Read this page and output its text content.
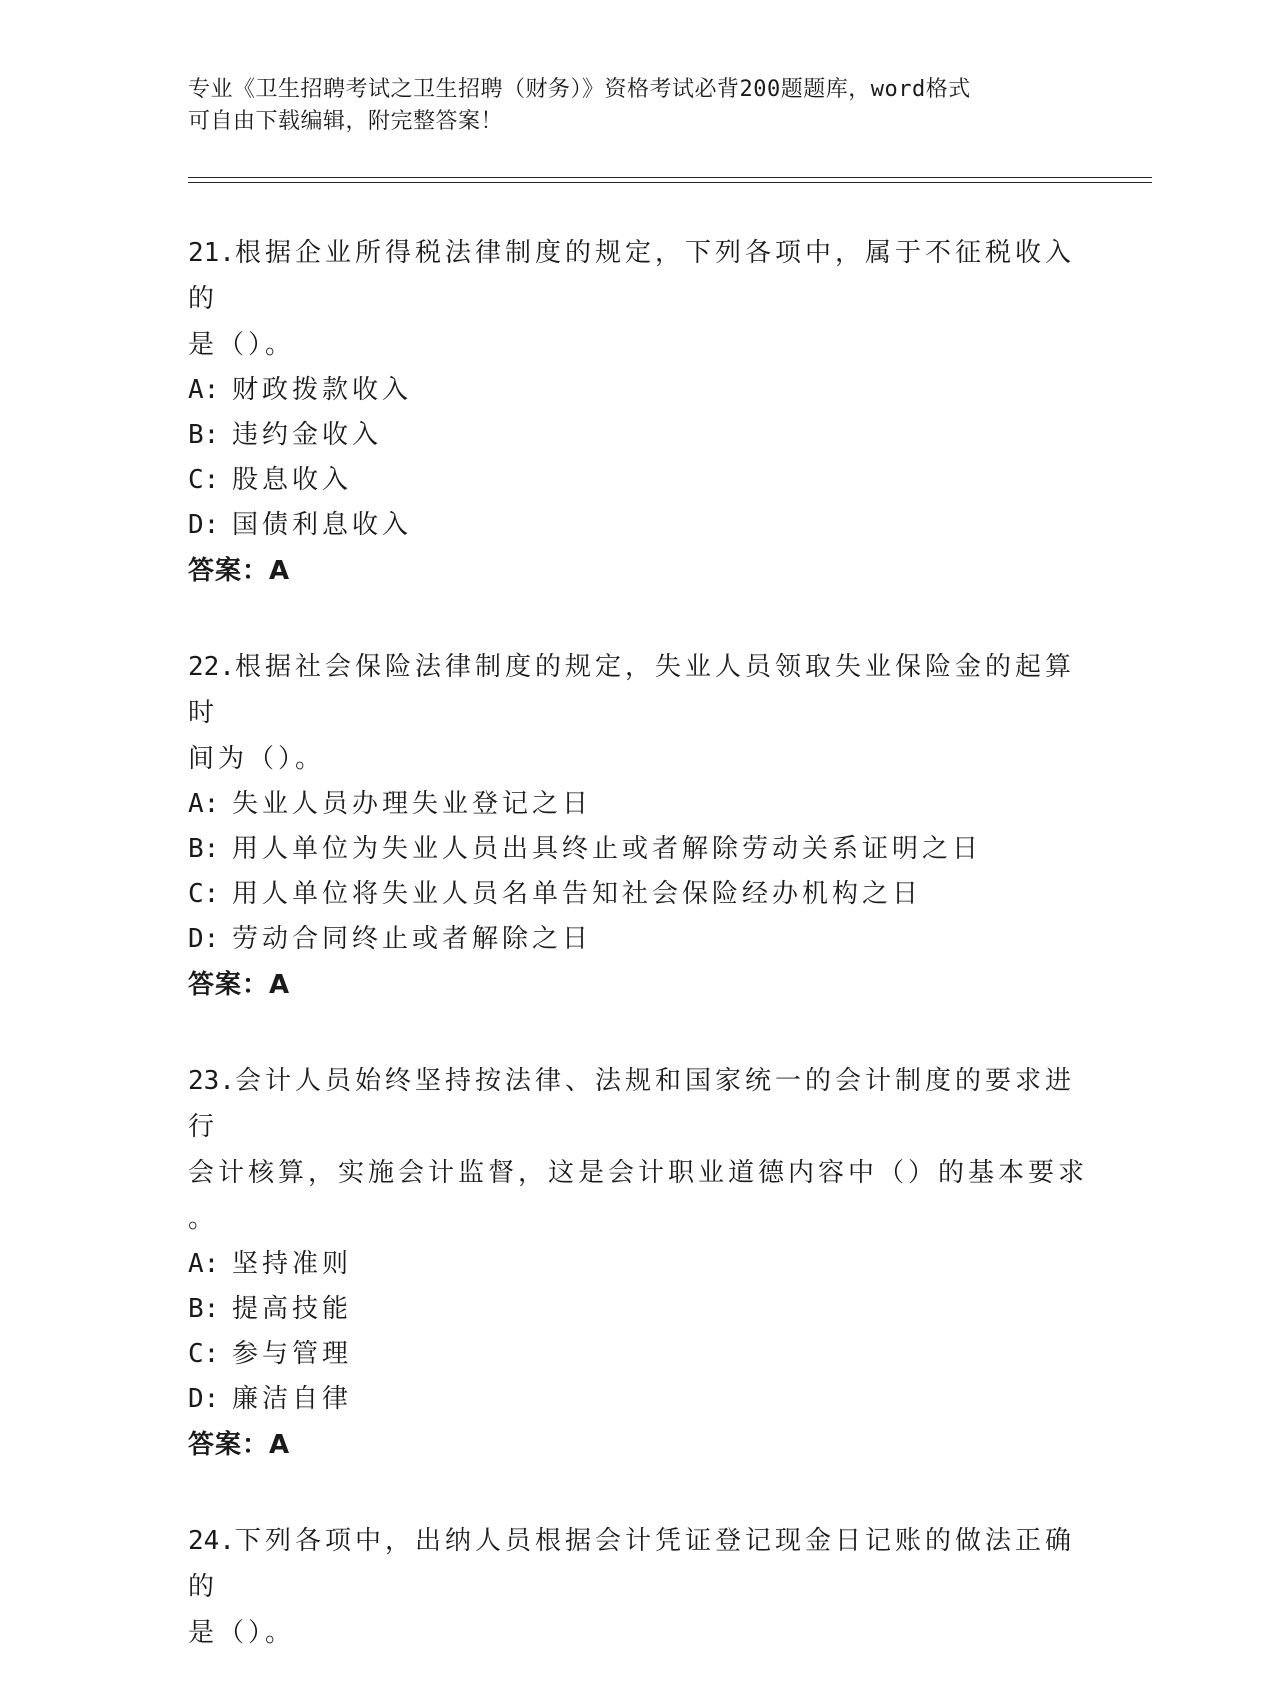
专业《卫生招聘考试之卫生招聘（财务）》资格考试必背200题题库，word格式
可自由下载编辑，附完整答案！
21.根据企业所得税法律制度的规定，下列各项中，属于不征税收入的
是（）。
A: 财政拨款收入
B: 违约金收入
C: 股息收入
D: 国债利息收入
答案：A
22.根据社会保险法律制度的规定，失业人员领取失业保险金的起算时
间为（）。
A: 失业人员办理失业登记之日
B: 用人单位为失业人员出具终止或者解除劳动关系证明之日
C: 用人单位将失业人员名单告知社会保险经办机构之日
D: 劳动合同终止或者解除之日
答案：A
23.会计人员始终坚持按法律、法规和国家统一的会计制度的要求进行
会计核算，实施会计监督，这是会计职业道德内容中（）的基本要求
。
A: 坚持准则
B: 提高技能
C: 参与管理
D: 廉洁自律
答案：A
24.下列各项中，出纳人员根据会计凭证登记现金日记账的做法正确的
是（）。
